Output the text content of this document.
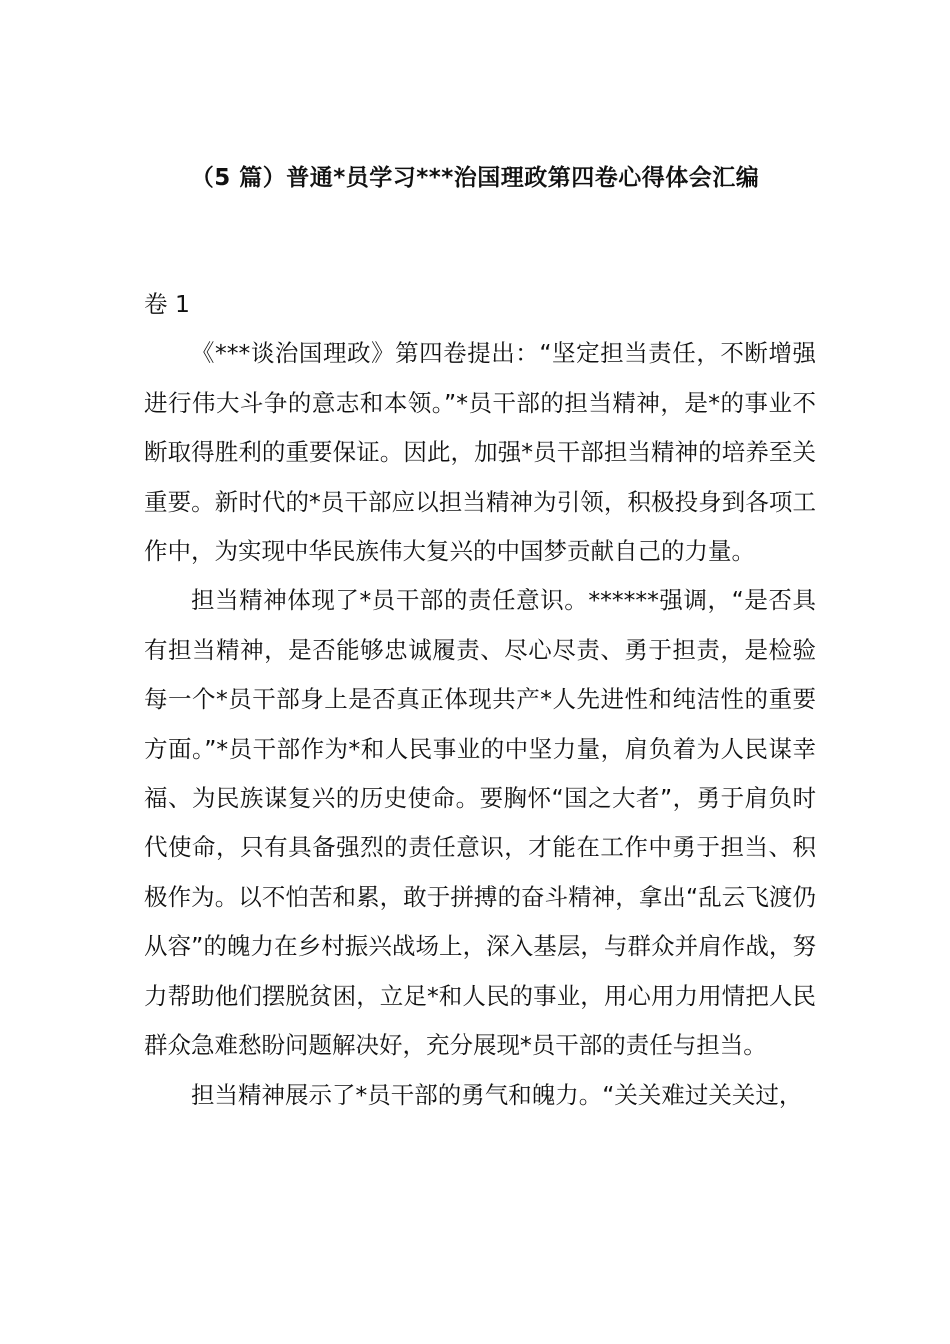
（5 篇）普通*员学习***治国理政第四卷心得体会汇编

卷 1

《***谈治国理政》第四卷提出：“坚定担当责任，不断增强进行伟大斗争的意志和本领。”*员干部的担当精神，是*的事业不断取得胜利的重要保证。因此，加强*员干部担当精神的培养至关重要。新时代的*员干部应以担当精神为引领，积极投身到各项工作中，为实现中华民族伟大复兴的中国梦贡献自己的力量。

担当精神体现了*员干部的责任意识。******强调，“是否具有担当精神，是否能够忠诚履责、尽心尽责、勇于担责，是检验每一个*员干部身上是否真正体现共产*人先进性和纯洁性的重要方面。”*员干部作为*和人民事业的中坚力量，肩负着为人民谋幸福、为民族谋复兴的历史使命。要胸怀“国之大者”，勇于肩负时代使命，只有具备强烈的责任意识，才能在工作中勇于担当、积极作为。以不怕苦和累，敢于拼搏的奋斗精神，拿出“乱云飞渡仍从容”的魄力在乡村振兴战场上，深入基层，与群众并肩作战，努力帮助他们摆脱贫困，立足*和人民的事业，用心用力用情把人民群众急难愁盼问题解决好，充分展现*员干部的责任与担当。

担当精神展示了*员干部的勇气和魄力。“关关难过关关过，
